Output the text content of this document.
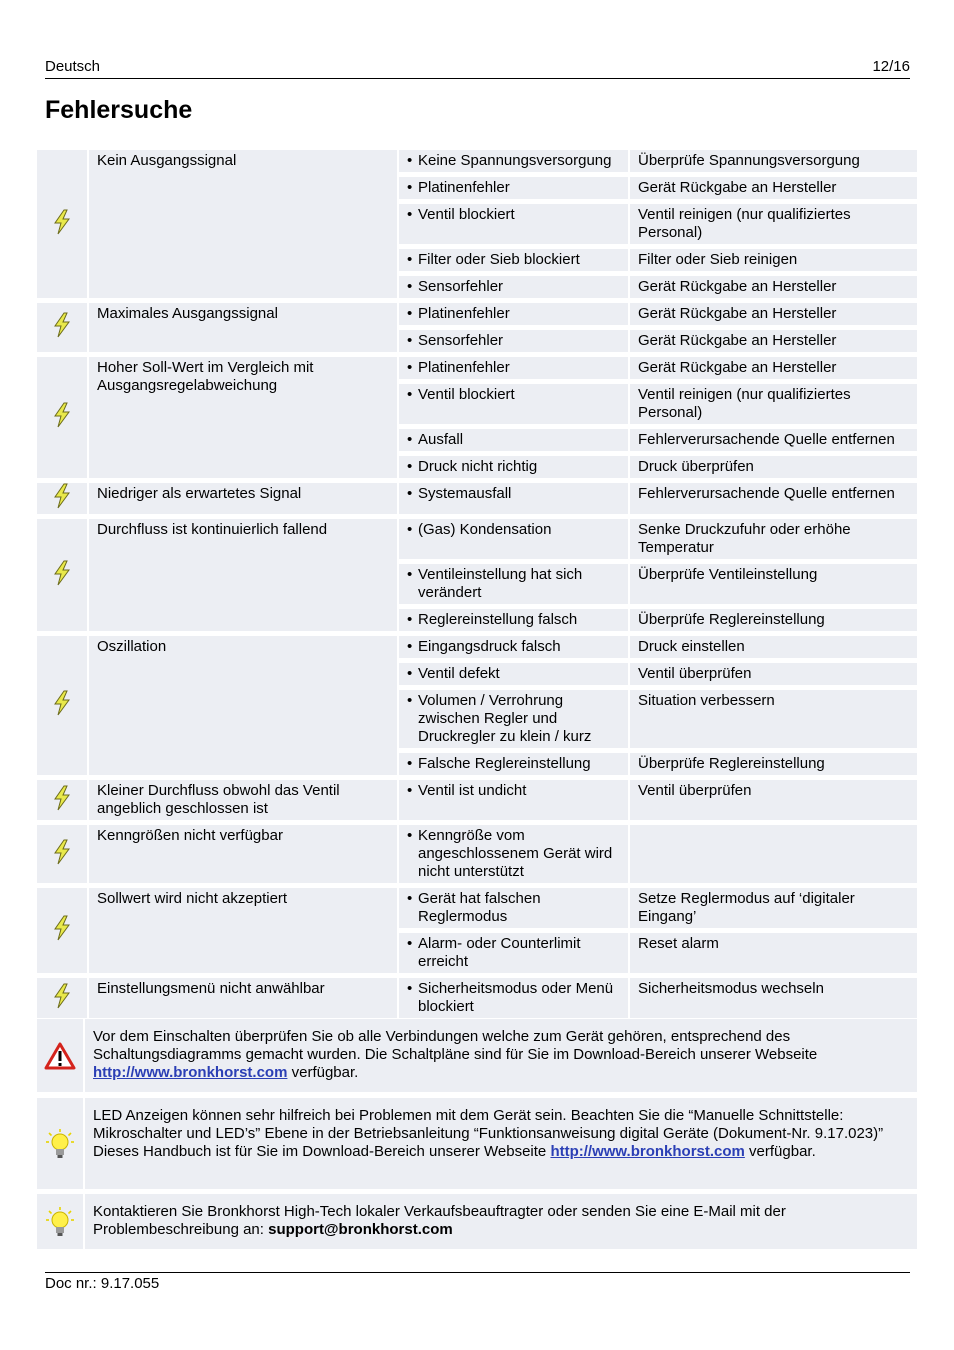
Deutsch	12/16
Fehlersuche
	Kein Ausgangssignal	• Keine Spannungsversorgung	Überprüfe Spannungsversorgung

		• Platinenfehler	Gerät Rückgabe an Hersteller

		• Ventil blockiert	Ventil reinigen (nur qualifiziertes Personal)

		• Filter oder Sieb blockiert	Filter oder Sieb reinigen

		• Sensorfehler	Gerät Rückgabe an Hersteller
	Maximales Ausgangssignal	• Platinenfehler	Gerät Rückgabe an Hersteller

		• Sensorfehler	Gerät Rückgabe an Hersteller
	Hoher Soll-Wert im Vergleich mit Ausgangsregelabweichung	• Platinenfehler	Gerät Rückgabe an Hersteller

		• Ventil blockiert	Ventil reinigen (nur qualifiziertes Personal)

		• Ausfall	Fehlerverursachende Quelle entfernen

		• Druck nicht richtig	Druck überprüfen
	Niedriger als erwartetes Signal	• Systemausfall	Fehlerverursachende Quelle entfernen
	Durchfluss ist kontinuierlich fallend	• (Gas) Kondensation	Senke Druckzufuhr oder erhöhe Temperatur

		• Ventileinstellung hat sich verändert	Überprüfe Ventileinstellung

		• Reglereinstellung falsch	Überprüfe Reglereinstellung
	Oszillation	• Eingangsdruck falsch	Druck einstellen

		• Ventil defekt	Ventil überprüfen

		• Volumen / Verrohrung zwischen Regler und Druckregler zu klein / kurz	Situation verbessern

		• Falsche Reglereinstellung	Überprüfe Reglereinstellung
	Kleiner Durchfluss obwohl das Ventil angeblich geschlossen ist	• Ventil ist undicht	Ventil überprüfen
	Kenngrößen nicht verfügbar	• Kenngröße vom angeschlossenem Gerät wird nicht unterstützt	

	Sollwert wird nicht akzeptiert	• Gerät hat falschen Reglermodus	Setze Reglermodus auf ‘digitaler Eingang’

		• Alarm- oder Counterlimit erreicht	Reset alarm
	Einstellungsmenü nicht anwählbar	• Sicherheitsmodus oder Menü blockiert	Sicherheitsmodus wechseln
Vor dem Einschalten überprüfen Sie ob alle Verbindungen welche zum Gerät gehören, entsprechend des Schaltungsdiagramms gemacht wurden. Die Schaltpläne sind für Sie im Download-Bereich unserer Webseite http://www.bronkhorst.com verfügbar.
LED Anzeigen können sehr hilfreich bei Problemen mit dem Gerät sein. Beachten Sie die “Manuelle Schnittstelle: Mikroschalter und LED’s” Ebene in der Betriebsanleitung “Funktionsanweisung digital Geräte (Dokument-Nr. 9.17.023)” Dieses Handbuch ist für Sie im Download-Bereich unserer Webseite http://www.bronkhorst.com verfügbar.
Kontaktieren Sie Bronkhorst High-Tech lokaler Verkaufsbeauftragter oder senden Sie eine E-Mail mit der Problembeschreibung an: support@bronkhorst.com
Doc nr.: 9.17.055
